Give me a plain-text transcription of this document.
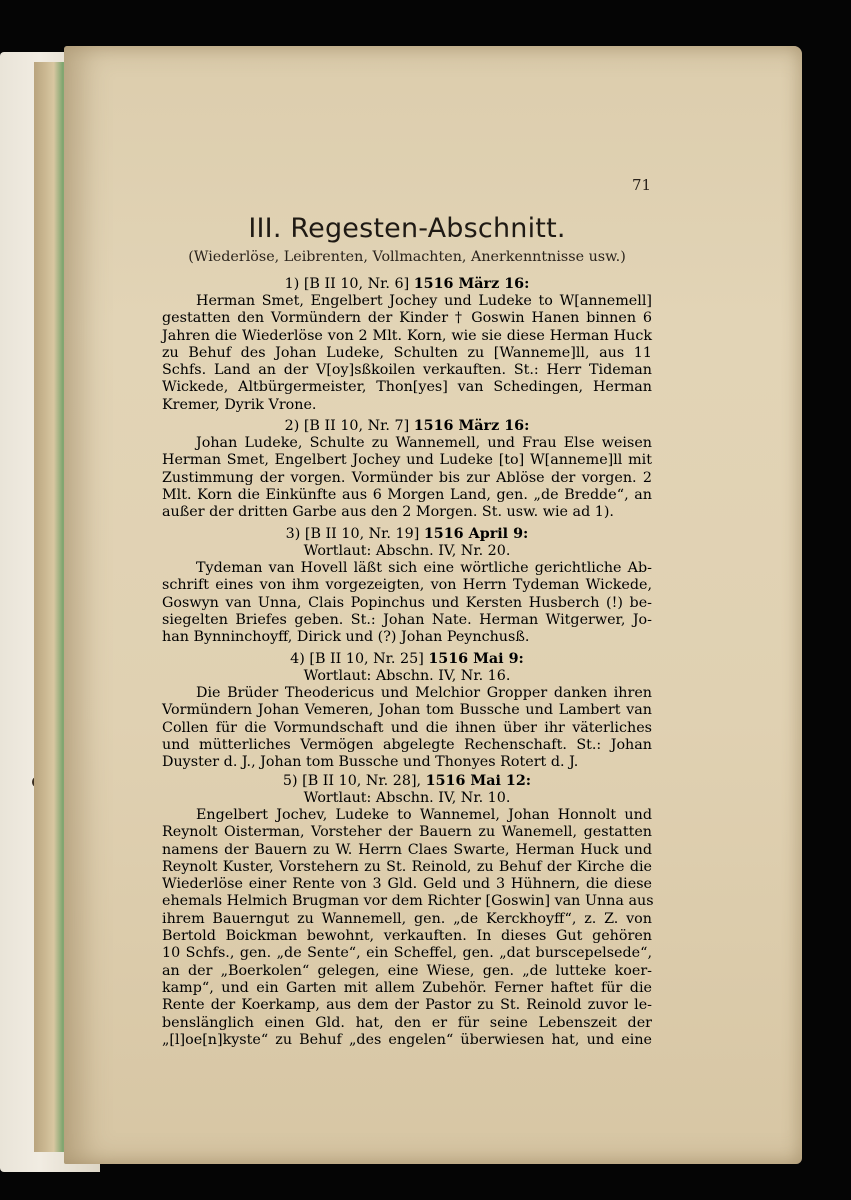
71
III. Regesten-Abschnitt.
(Wiederlöse, Leibrenten, Vollmachten, Anerkenntnisse usw.)
1) [B II 10, Nr. 6] 1516 März 16:
Herman Smet, Engelbert Jochey und Ludeke to W[annemell]
gestatten den Vormündern der Kinder † Goswin Hanen binnen 6
Jahren die Wiederlöse von 2 Mlt. Korn, wie sie diese Herman Huck
zu Behuf des Johan Ludeke, Schulten zu [Wanneme]ll, aus 11
Schfs. Land an der V[oy]sßkoilen verkauften. St.: Herr Tideman
Wickede, Altbürgermeister, Thon[yes] van Schedingen, Herman
Kremer, Dyrik Vrone.
2) [B II 10, Nr. 7] 1516 März 16:
Johan Ludeke, Schulte zu Wannemell, und Frau Else weisen
Herman Smet, Engelbert Jochey und Ludeke [to] W[anneme]ll mit
Zustimmung der vorgen. Vormünder bis zur Ablöse der vorgen. 2
Mlt. Korn die Einkünfte aus 6 Morgen Land, gen. „de Bredde“, an
außer der dritten Garbe aus den 2 Morgen. St. usw. wie ad 1).
3) [B II 10, Nr. 19] 1516 April 9:
Wortlaut: Abschn. IV, Nr. 20.
Tydeman van Hovell läßt sich eine wörtliche gerichtliche Ab-
schrift eines von ihm vorgezeigten, von Herrn Tydeman Wickede,
Goswyn van Unna, Clais Popinchus und Kersten Husberch (!) be-
siegelten Briefes geben. St.: Johan Nate. Herman Witgerwer, Jo-
han Bynninchoyff, Dirick und (?) Johan Peynchusß.
4) [B II 10, Nr. 25] 1516 Mai 9:
Wortlaut: Abschn. IV, Nr. 16.
Die Brüder Theodericus und Melchior Gropper danken ihren
Vormündern Johan Vemeren, Johan tom Bussche und Lambert van
Collen für die Vormundschaft und die ihnen über ihr väterliches
und mütterliches Vermögen abgelegte Rechenschaft. St.: Johan
Duyster d. J., Johan tom Bussche und Thonyes Rotert d. J.
5) [B II 10, Nr. 28], 1516 Mai 12:
Wortlaut: Abschn. IV, Nr. 10.
Engelbert Jochev, Ludeke to Wannemel, Johan Honnolt und
Reynolt Oisterman, Vorsteher der Bauern zu Wanemell, gestatten
namens der Bauern zu W. Herrn Claes Swarte, Herman Huck und
Reynolt Kuster, Vorstehern zu St. Reinold, zu Behuf der Kirche die
Wiederlöse einer Rente von 3 Gld. Geld und 3 Hühnern, die diese
ehemals Helmich Brugman vor dem Richter [Goswin] van Unna aus
ihrem Bauerngut zu Wannemell, gen. „de Kerckhoyff“, z. Z. von
Bertold Boickman bewohnt, verkauften. In dieses Gut gehören
10 Schfs., gen. „de Sente“, ein Scheffel, gen. „dat burscepelsede“,
an der „Boerkolen“ gelegen, eine Wiese, gen. „de lutteke koer-
kamp“, und ein Garten mit allem Zubehör. Ferner haftet für die
Rente der Koerkamp, aus dem der Pastor zu St. Reinold zuvor le-
benslänglich einen Gld. hat, den er für seine Lebenszeit der
„[l]oe[n]kyste“ zu Behuf „des engelen“ überwiesen hat, und eine
